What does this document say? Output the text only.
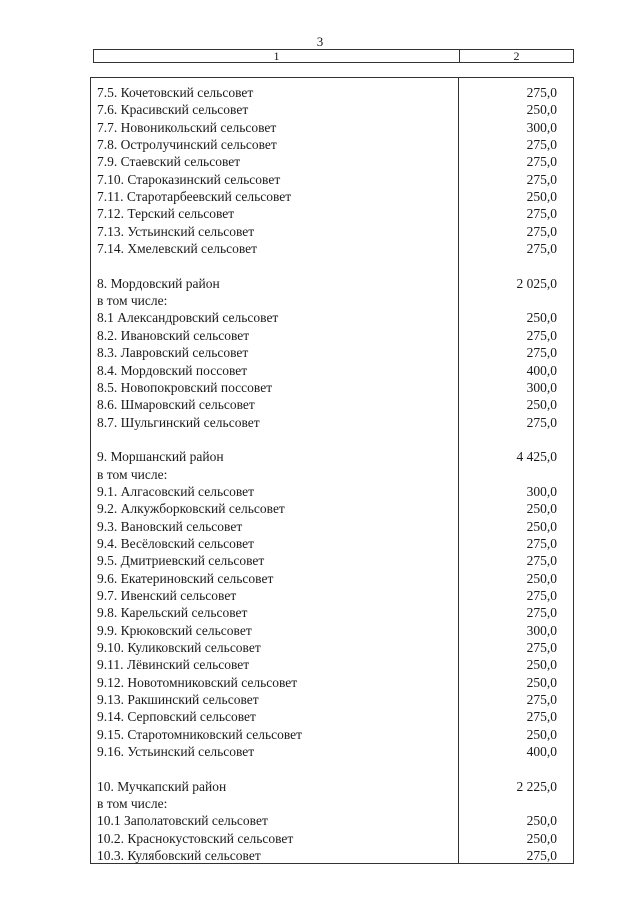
3
1	2
7.5. Кочетовский сельсовет	275,0
7.6. Красивский сельсовет	250,0
7.7. Новоникольский сельсовет	300,0
7.8. Остролучинский сельсовет	275,0
7.9. Стаевский сельсовет	275,0
7.10. Староказинский сельсовет	275,0
7.11. Старотарбеевский сельсовет	250,0
7.12. Терский сельсовет	275,0
7.13. Устьинский сельсовет	275,0
7.14. Хмелевский сельсовет	275,0
8. Мордовский район	2 025,0
в том числе:
8.1 Александровский сельсовет	250,0
8.2. Ивановский сельсовет	275,0
8.3. Лавровский сельсовет	275,0
8.4. Мордовский поссовет	400,0
8.5. Новопокровский поссовет	300,0
8.6. Шмаровский сельсовет	250,0
8.7. Шульгинский сельсовет	275,0
9. Моршанский район	4 425,0
в том числе:
9.1. Алгасовский сельсовет	300,0
9.2. Алкужборковский сельсовет	250,0
9.3. Вановский сельсовет	250,0
9.4. Весёловский сельсовет	275,0
9.5. Дмитриевский сельсовет	275,0
9.6. Екатериновский сельсовет	250,0
9.7. Ивенский сельсовет	275,0
9.8. Карельский сельсовет	275,0
9.9. Крюковский сельсовет	300,0
9.10. Куликовский сельсовет	275,0
9.11. Лёвинский сельсовет	250,0
9.12. Новотомниковский сельсовет	250,0
9.13. Ракшинский сельсовет	275,0
9.14. Серповский сельсовет	275,0
9.15. Старотомниковский сельсовет	250,0
9.16. Устьинский сельсовет	400,0
10. Мучкапский район	2 225,0
в том числе:
10.1 Заполатовский сельсовет	250,0
10.2. Краснокустовский сельсовет	250,0
10.3. Кулябовский сельсовет	275,0
